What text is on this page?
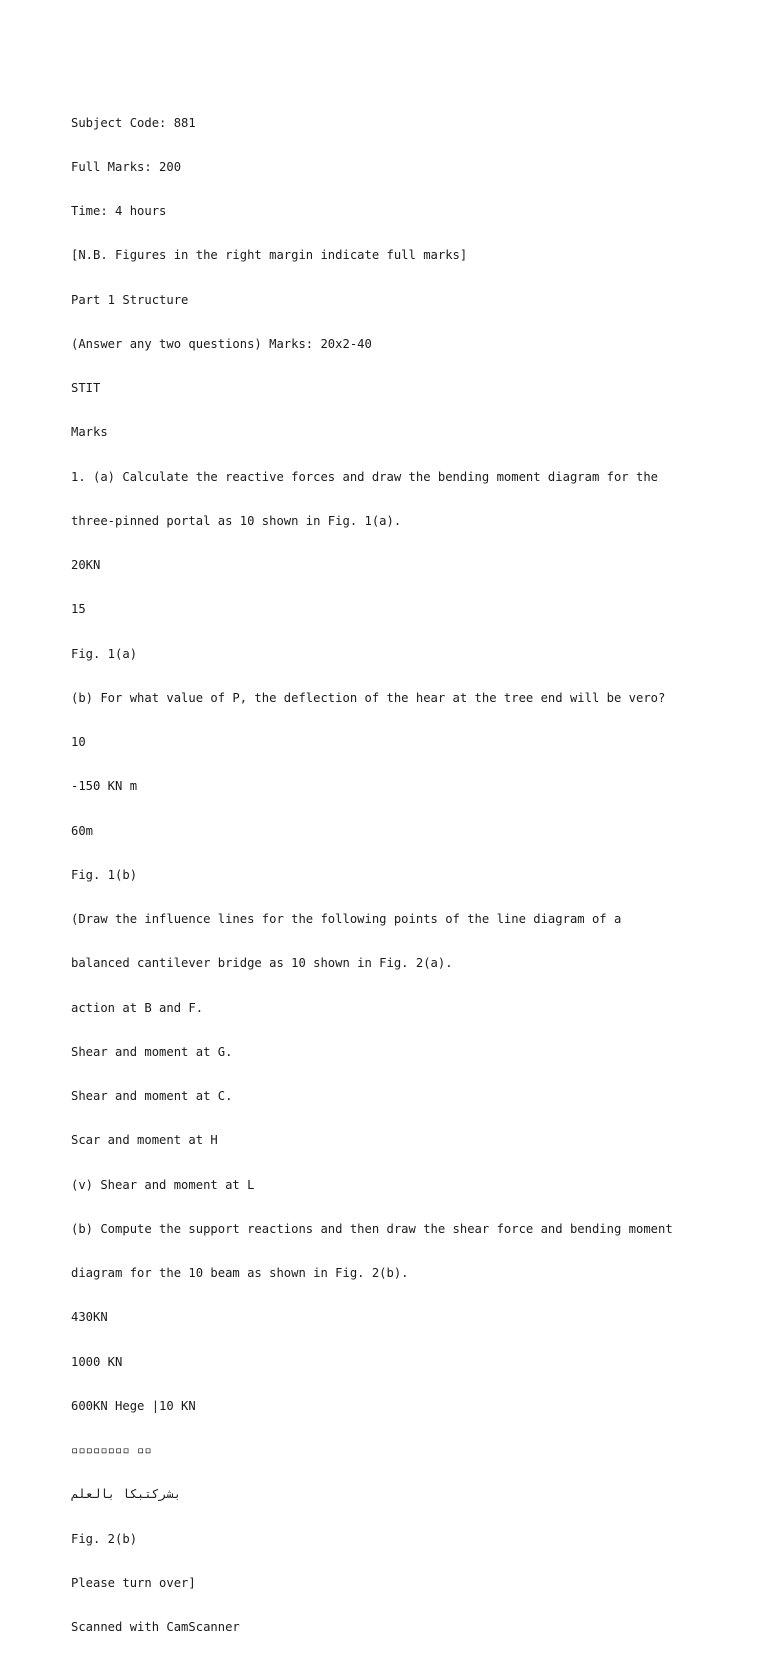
Subject Code: 881

Full Marks: 200

Time: 4 hours

[N.B. Figures in the right margin indicate full marks]

Part 1 Structure

(Answer any two questions) Marks: 20x2-40

STIT

Marks

1. (a) Calculate the reactive forces and draw the bending moment diagram for the

three-pinned portal as 10 shown in Fig. 1(a).

20KN

15

Fig. 1(a)

(b) For what value of P, the deflection of the hear at the tree end will be vero?

10

-150 KN m

60m

Fig. 1(b)

(Draw the influence lines for the following points of the line diagram of a

balanced cantilever bridge as 10 shown in Fig. 2(a).

action at B and F.

Shear and moment at G.

Shear and moment at C.

Scar and moment at H

(v) Shear and moment at L

(b) Compute the support reactions and then draw the shear force and bending moment

diagram for the 10 beam as shown in Fig. 2(b).

430KN

1000 KN

600KN Hege |10 KN

▫▫▫▫▫▫▫▫ ▫▫

بشركتبكا بالعلم

Fig. 2(b)

Please turn over]

Scanned with CamScanner
